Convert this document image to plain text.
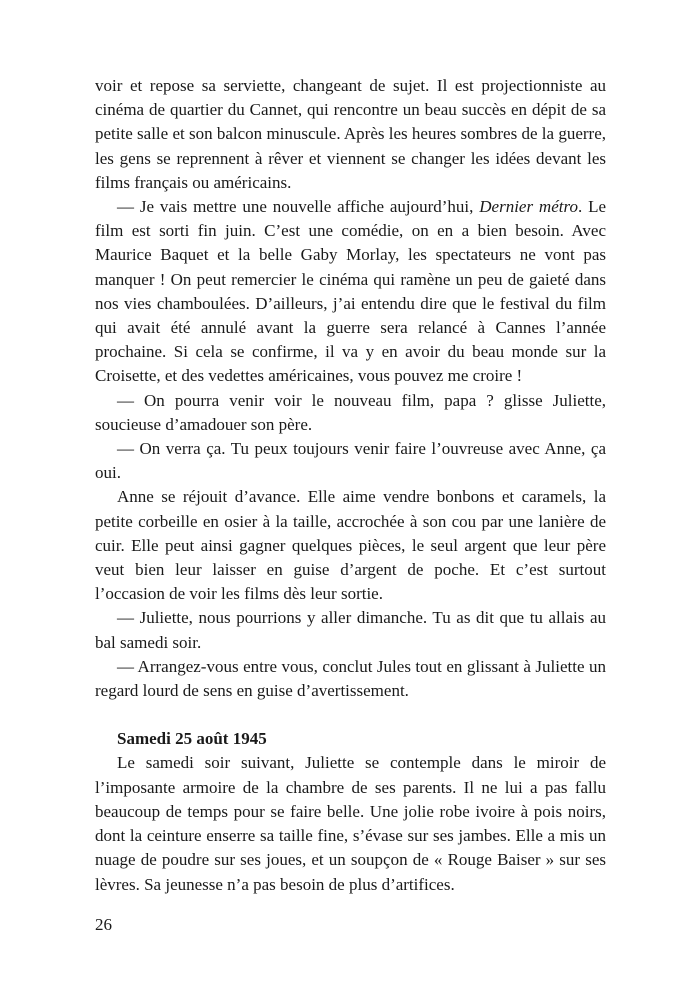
voir et repose sa serviette, changeant de sujet. Il est projectionniste au cinéma de quartier du Cannet, qui rencontre un beau succès en dépit de sa petite salle et son balcon minuscule. Après les heures sombres de la guerre, les gens se reprennent à rêver et viennent se changer les idées devant les films français ou américains.

— Je vais mettre une nouvelle affiche aujourd’hui, Dernier métro. Le film est sorti fin juin. C’est une comédie, on en a bien besoin. Avec Maurice Baquet et la belle Gaby Morlay, les spectateurs ne vont pas manquer ! On peut remercier le cinéma qui ramène un peu de gaieté dans nos vies chamboulées. D’ailleurs, j’ai entendu dire que le festival du film qui avait été annulé avant la guerre sera relancé à Cannes l’année prochaine. Si cela se confirme, il va y en avoir du beau monde sur la Croisette, et des vedettes américaines, vous pouvez me croire !

— On pourra venir voir le nouveau film, papa ? glisse Juliette, soucieuse d’amadouer son père.

— On verra ça. Tu peux toujours venir faire l’ouvreuse avec Anne, ça oui.

Anne se réjouit d’avance. Elle aime vendre bonbons et caramels, la petite corbeille en osier à la taille, accrochée à son cou par une lanière de cuir. Elle peut ainsi gagner quelques pièces, le seul argent que leur père veut bien leur laisser en guise d’argent de poche. Et c’est surtout l’occasion de voir les films dès leur sortie.

— Juliette, nous pourrions y aller dimanche. Tu as dit que tu allais au bal samedi soir.

— Arrangez-vous entre vous, conclut Jules tout en glissant à Juliette un regard lourd de sens en guise d’avertissement.

Samedi 25 août 1945

Le samedi soir suivant, Juliette se contemple dans le miroir de l’imposante armoire de la chambre de ses parents. Il ne lui a pas fallu beaucoup de temps pour se faire belle. Une jolie robe ivoire à pois noirs, dont la ceinture enserre sa taille fine, s’évase sur ses jambes. Elle a mis un nuage de poudre sur ses joues, et un soupçon de « Rouge Baiser » sur ses lèvres. Sa jeunesse n’a pas besoin de plus d’artifices.

26
